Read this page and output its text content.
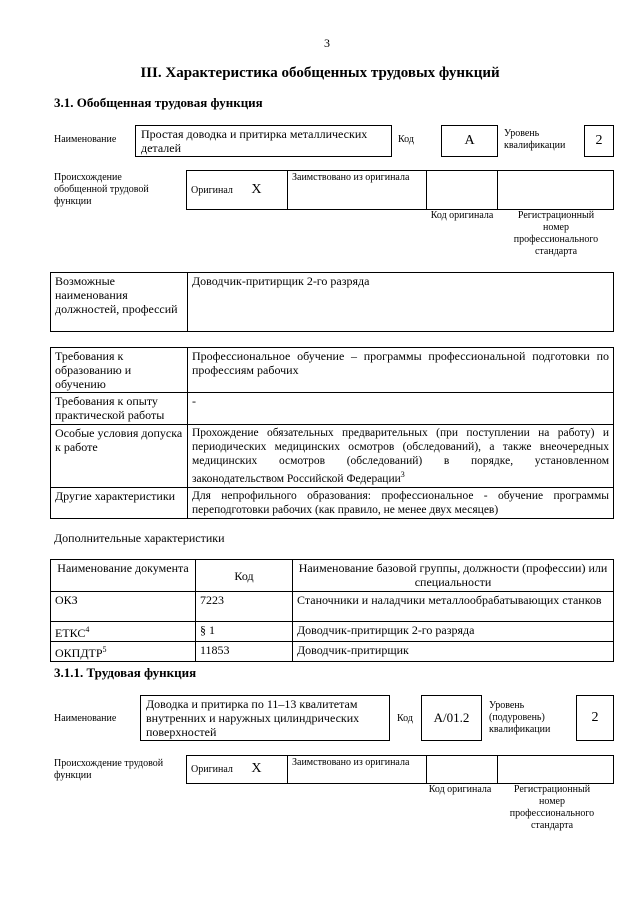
3
III. Характеристика обобщенных трудовых функций
3.1. Обобщенная трудовая функция
Наименование	Простая доводка и притирка металлических деталей
Код	A	Уровень квалификации	2
Происхождение обобщенной трудовой функции
Оригинал X	Заимствовано из оригинала		
Код оригинала	Регистрационный номер профессионального стандарта
Возможные наименования должностей, профессий	Доводчик-притирщик 2-го разряда
Требования к образованию и обучению	Профессиональное обучение – программы профессиональной подготовки по профессиям рабочих
Требования к опыту практической работы	-
Особые условия допуска к работе	Прохождение обязательных предварительных (при поступлении на работу) и периодических медицинских осмотров (обследований), а также внеочередных медицинских осмотров (обследований) в порядке, установленном законодательством Российской Федерации$^3$
Другие характеристики	Для непрофильного образования: профессиональное - обучение программы переподготовки рабочих (как правило, не менее двух месяцев)
Дополнительные характеристики
Наименование документа	Код	Наименование базовой группы, должности (профессии) или специальности
ОКЗ	7223	Станочники и наладчики металлообрабатывающих станков
ЕТКС$^4$	§ 1	Доводчик-притирщик 2-го разряда
ОКПДТР$^5$	11853	Доводчик-притирщик
3.1.1. Трудовая функция
Наименование
Доводка и притирка по 11–13 квалитетам внутренних и наружных цилиндрических поверхностей
Код	A/01.2
Уровень (подуровень) квалификации
2
Происхождение трудовой функции
Оригинал X	Заимствовано из оригинала		
Код оригинала	Регистрационный номер профессионального стандарта
